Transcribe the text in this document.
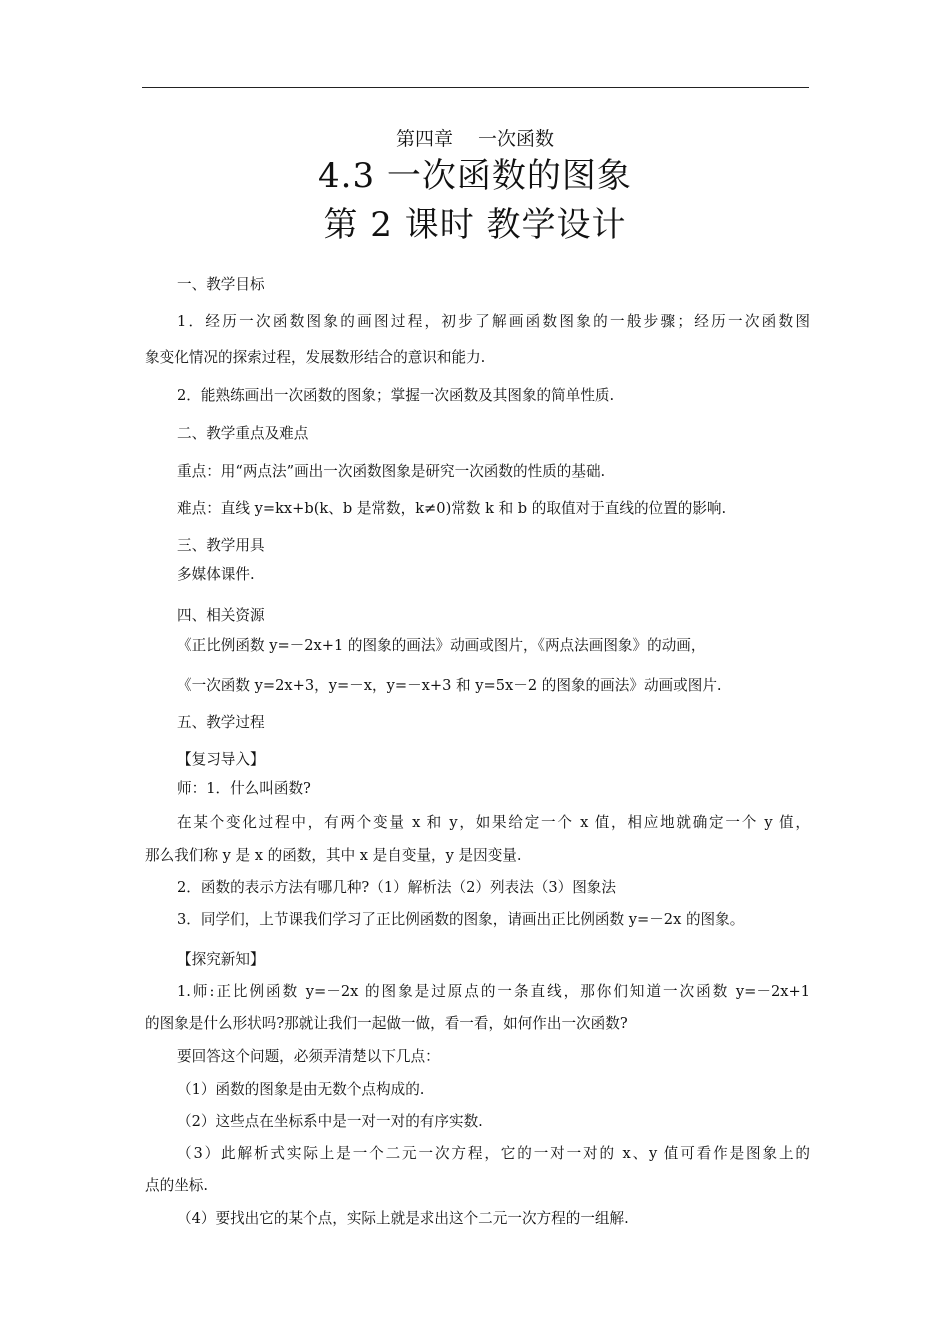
第四章　 一次函数
4.3 一次函数的图象
第 2 课时 教学设计
一、教学目标
1．经历一次函数图象的画图过程，初步了解画函数图象的一般步骤；经历一次函数图
象变化情况的探索过程，发展数形结合的意识和能力.
2．能熟练画出一次函数的图象；掌握一次函数及其图象的简单性质.
二、教学重点及难点
重点：用“两点法”画出一次函数图象是研究一次函数的性质的基础.
难点：直线 y=kx+b(k、b 是常数，k≠0)常数 k 和 b 的取值对于直线的位置的影响.
三、教学用具
多媒体课件.
四、相关资源
《正比例函数 y=－2x+1 的图象的画法》动画或图片，《两点法画图象》的动画，
《一次函数 y=2x+3，y=－x，y=－x+3 和 y=5x－2 的图象的画法》动画或图片.
五、教学过程
【复习导入】
师：1．什么叫函数?
在某个变化过程中，有两个变量 x 和 y，如果给定一个 x 值，相应地就确定一个 y 值，
那么我们称 y 是 x 的函数，其中 x 是自变量，y 是因变量.
2．函数的表示方法有哪几种?（1）解析法（2）列表法（3）图象法
3．同学们，上节课我们学习了正比例函数的图象，请画出正比例函数 y=－2x 的图象。
【探究新知】
1.师:正比例函数 y=－2x 的图象是过原点的一条直线，那你们知道一次函数 y=－2x+1
的图象是什么形状吗?那就让我们一起做一做，看一看，如何作出一次函数?
要回答这个问题，必须弄清楚以下几点：
（1）函数的图象是由无数个点构成的.
（2）这些点在坐标系中是一对一对的有序实数.
（3）此解析式实际上是一个二元一次方程，它的一对一对的 x、y 值可看作是图象上的
点的坐标.
（4）要找出它的某个点，实际上就是求出这个二元一次方程的一组解.
